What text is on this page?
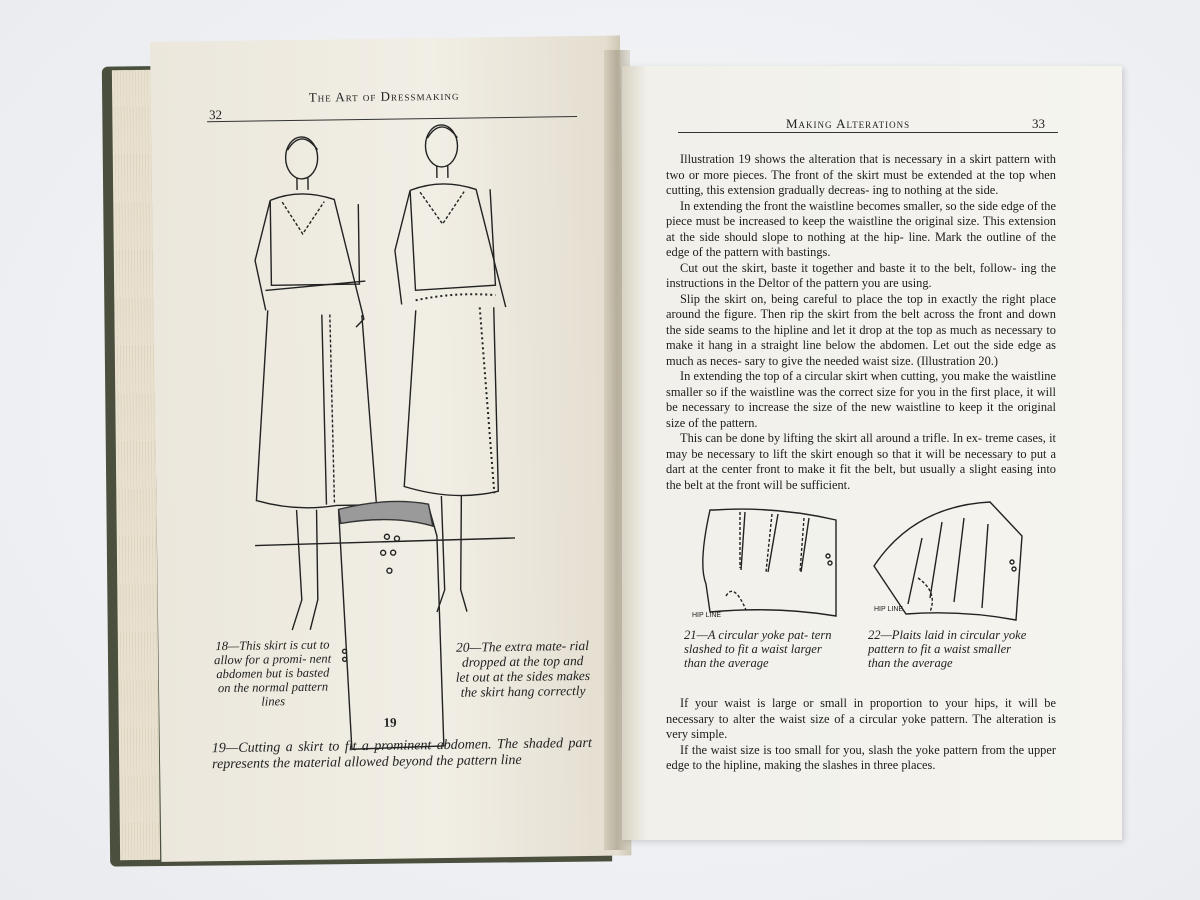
32
The Art of Dressmaking
18—This skirt is cut to allow for a promi- nent abdomen but is basted on the normal pattern lines
20—The extra mate- rial dropped at the top and let out at the sides makes the skirt hang correctly
19
19—Cutting a skirt to fit a prominent abdomen. The shaded part represents the material allowed beyond the pattern line
Making Alterations	33

Illustration 19 shows the alteration that is necessary in a skirt pattern with two or more pieces. The front of the skirt must be extended at the top when cutting, this extension gradually decreas- ing to nothing at the side.

In extending the front the waistline becomes smaller, so the side edge of the piece must be increased to keep the waistline the original size. This extension at the side should slope to nothing at the hip- line. Mark the outline of the edge of the pattern with bastings.

Cut out the skirt, baste it together and baste it to the belt, follow- ing the instructions in the Deltor of the pattern you are using.

Slip the skirt on, being careful to place the top in exactly the right place around the figure. Then rip the skirt from the belt across the front and down the side seams to the hipline and let it drop at the top as much as necessary to make it hang in a straight line below the abdomen. Let out the side edge as much as neces- sary to give the needed waist size. (Illustration 20.)

In extending the top of a circular skirt when cutting, you make the waistline smaller so if the waistline was the correct size for you in the first place, it will be necessary to increase the size of the new waistline to keep it the original size of the pattern.

This can be done by lifting the skirt all around a trifle. In ex- treme cases, it may be necessary to lift the skirt enough so that it will be necessary to put a dart at the center front to make it fit the belt, but usually a slight easing into the belt at the front will be sufficient.

HIP LINE
HIP LINE
21—A circular yoke pat- tern slashed to fit a waist larger than the average
22—Plaits laid in circular yoke pattern to fit a waist smaller than the average

If your waist is large or small in proportion to your hips, it will be necessary to alter the waist size of a circular yoke pattern. The alteration is very simple.

If the waist size is too small for you, slash the yoke pattern from the upper edge to the hipline, making the slashes in three places.
